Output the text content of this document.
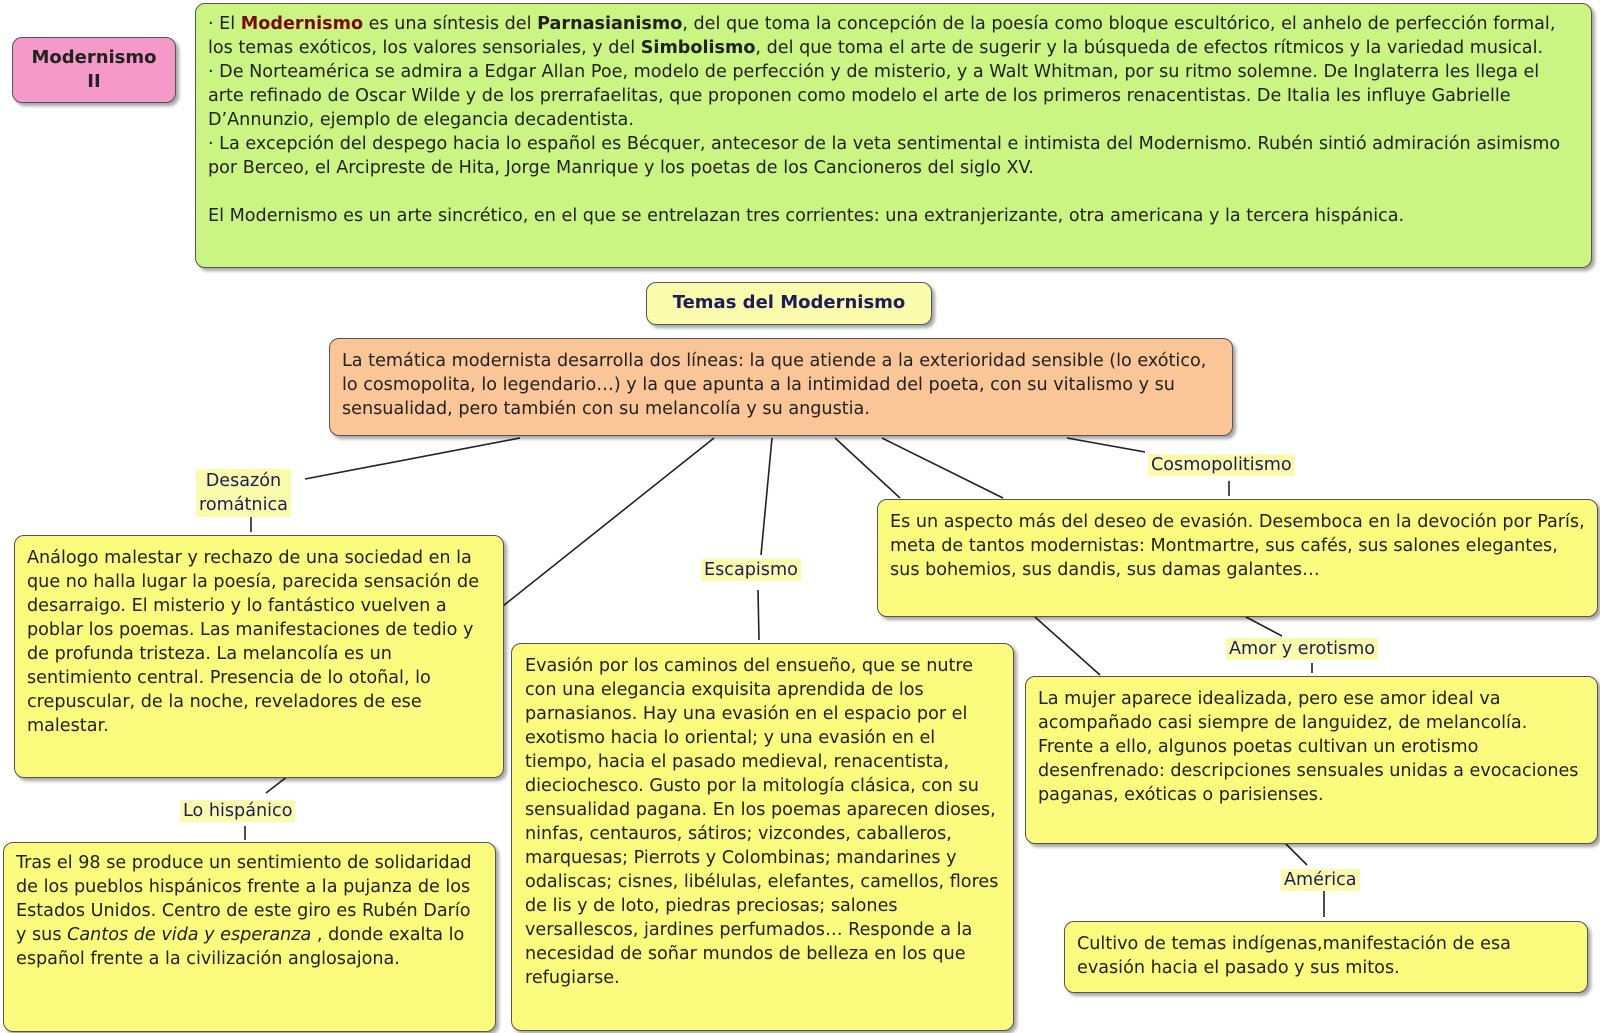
Modernismo
II
· El Modernismo es una síntesis del Parnasianismo, del que toma la concepción de la poesía como bloque escultórico, el anhelo de perfección formal, los temas exóticos, los valores sensoriales, y del Simbolismo, del que toma el arte de sugerir y la búsqueda de efectos rítmicos y la variedad musical.
· De Norteamérica se admira a Edgar Allan Poe, modelo de perfección y de misterio, y a Walt Whitman, por su ritmo solemne. De Inglaterra les llega el arte refinado de Oscar Wilde y de los prerrafaelitas, que proponen como modelo el arte de los primeros renacentistas. De Italia les influye Gabrielle D’Annunzio, ejemplo de elegancia decadentista.
· La excepción del despego hacia lo español es Bécquer, antecesor de la veta sentimental e intimista del Modernismo. Rubén sintió admiración asimismo por Berceo, el Arcipreste de Hita, Jorge Manrique y los poetas de los Cancioneros del siglo XV.
El Modernismo es un arte sincrético, en el que se entrelazan tres corrientes: una extranjerizante, otra americana y la tercera hispánica.
Temas del Modernismo
La temática modernista desarrolla dos líneas: la que atiende a la exterioridad sensible (lo exótico, lo cosmopolita, lo legendario…) y la que apunta a la intimidad del poeta, con su vitalismo y su sensualidad, pero también con su melancolía y su angustia.
Desazón
romátnica
Análogo malestar y rechazo de una sociedad en la que no halla lugar la poesía, parecida sensación de desarraigo. El misterio y lo fantástico vuelven a poblar los poemas. Las manifestaciones de tedio y de profunda tristeza. La melancolía es un sentimiento central. Presencia de lo otoñal, lo crepuscular, de la noche, reveladores de ese malestar.
Lo hispánico
Tras el 98 se produce un sentimiento de solidaridad de los pueblos hispánicos frente a la pujanza de los Estados Unidos. Centro de este giro es Rubén Darío y sus Cantos de vida y esperanza , donde exalta lo español frente a la civilización anglosajona.
Escapismo
Evasión por los caminos del ensueño, que se nutre con una elegancia exquisita aprendida de los parnasianos. Hay una evasión en el espacio por el exotismo hacia lo oriental; y una evasión en el tiempo, hacia el pasado medieval, renacentista, dieciochesco. Gusto por la mitología clásica, con su sensualidad pagana. En los poemas aparecen dioses, ninfas, centauros, sátiros; vizcondes, caballeros, marquesas; Pierrots y Colombinas; mandarines y odaliscas; cisnes, libélulas, elefantes, camellos, flores de lis y de loto, piedras preciosas; salones versallescos, jardines perfumados… Responde a la necesidad de soñar mundos de belleza en los que refugiarse.
Cosmopolitismo
Es un aspecto más del deseo de evasión. Desemboca en la devoción por París, meta de tantos modernistas: Montmartre, sus cafés, sus salones elegantes, sus bohemios, sus dandis, sus damas galantes…
Amor y erotismo
La mujer aparece idealizada, pero ese amor ideal va acompañado casi siempre de languidez, de melancolía. Frente a ello, algunos poetas cultivan un erotismo desenfrenado: descripciones sensuales unidas a evocaciones paganas, exóticas o parisienses.
América
Cultivo de temas indígenas,manifestación de esa evasión hacia el pasado y sus mitos.
